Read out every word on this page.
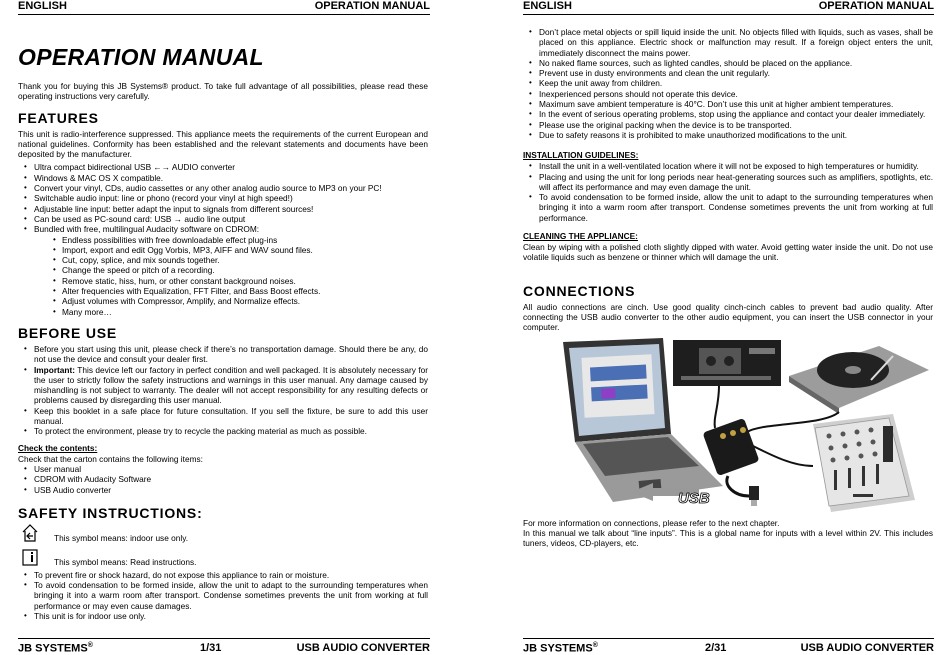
ENGLISH	OPERATION MANUAL
OPERATION MANUAL

Thank you for buying this JB Systems® product. To take full advantage of all possibilities, please read these operating instructions very carefully.

FEATURES

This unit is radio-interference suppressed. This appliance meets the requirements of the current European and national guidelines. Conformity has been established and the relevant statements and documents have been deposited by the manufacturer.

• Ultra compact bidirectional USB ←→ AUDIO converter
• Windows & MAC OS X compatible.
• Convert your vinyl, CDs, audio cassettes or any other analog audio source to MP3 on your PC!
• Switchable audio input: line or phono (record your vinyl at high speed!)
• Adjustable line input: better adapt the input to signals from different sources!
• Can be used as PC-sound card: USB → audio line output
• Bundled with free, multilingual Audacity software on CDROM:
• Endless possibilities with free downloadable effect plug-ins
• Import, export and edit Ogg Vorbis, MP3, AIFF and WAV sound files.
• Cut, copy, splice, and mix sounds together.
• Change the speed or pitch of a recording.
• Remove static, hiss, hum, or other constant background noises.
• Alter frequencies with Equalization, FFT Filter, and Bass Boost effects.
• Adjust volumes with Compressor, Amplify, and Normalize effects.
• Many more…
BEFORE USE
• Before you start using this unit, please check if there’s no transportation damage. Should there be any, do not use the device and consult your dealer first.
• Important: This device left our factory in perfect condition and well packaged. It is absolutely necessary for the user to strictly follow the safety instructions and warnings in this user manual. Any damage caused by mishandling is not subject to warranty. The dealer will not accept responsibility for any resulting defects or problems caused by disregarding this user manual.
• Keep this booklet in a safe place for future consultation. If you sell the fixture, be sure to add this user manual.
• To protect the environment, please try to recycle the packing material as much as possible.
Check the contents:

Check that the carton contains the following items:

• User manual
• CDROM with Audacity Software
• USB Audio converter
SAFETY INSTRUCTIONS:
This symbol means: indoor use only.
This symbol means: Read instructions.
• To prevent fire or shock hazard, do not expose this appliance to rain or moisture.
• To avoid condensation to be formed inside, allow the unit to adapt to the surrounding temperatures when bringing it into a warm room after transport. Condense sometimes prevents the unit from working at full performance or may even cause damages.
• This unit is for indoor use only.
JB SYSTEMS®	1/31	USB AUDIO CONVERTER
ENGLISH	OPERATION MANUAL
• Don’t place metal objects or spill liquid inside the unit. No objects filled with liquids, such as vases, shall be placed on this appliance. Electric shock or malfunction may result. If a foreign object enters the unit, immediately disconnect the mains power.
• No naked flame sources, such as lighted candles, should be placed on the appliance.
• Prevent use in dusty environments and clean the unit regularly.
• Keep the unit away from children.
• Inexperienced persons should not operate this device.
• Maximum save ambient temperature is 40°C. Don’t use this unit at higher ambient temperatures.
• In the event of serious operating problems, stop using the appliance and contact your dealer immediately.
• Please use the original packing when the device is to be transported.
• Due to safety reasons it is prohibited to make unauthorized modifications to the unit.
INSTALLATION GUIDELINES:
• Install the unit in a well-ventilated location where it will not be exposed to high temperatures or humidity.
• Placing and using the unit for long periods near heat-generating sources such as amplifiers, spotlights, etc. will affect its performance and may even damage the unit.
• To avoid condensation to be formed inside, allow the unit to adapt to the surrounding temperatures when bringing it into a warm room after transport. Condense sometimes prevents the unit from working at full performance.
CLEANING THE APPLIANCE:

Clean by wiping with a polished cloth slightly dipped with water. Avoid getting water inside the unit. Do not use volatile liquids such as benzene or thinner which will damage the unit.

CONNECTIONS

All audio connections are cinch. Use good quality cinch-cinch cables to prevent bad audio quality. After connecting the USB audio converter to the other audio equipment, you can insert the USB connector in your computer.

USB

For more information on connections, please refer to the next chapter.

In this manual we talk about “line inputs”. This is a global name for inputs with a level within 2V. This includes tuners, videos, CD-players, etc.

JB SYSTEMS®	2/31	USB AUDIO CONVERTER
